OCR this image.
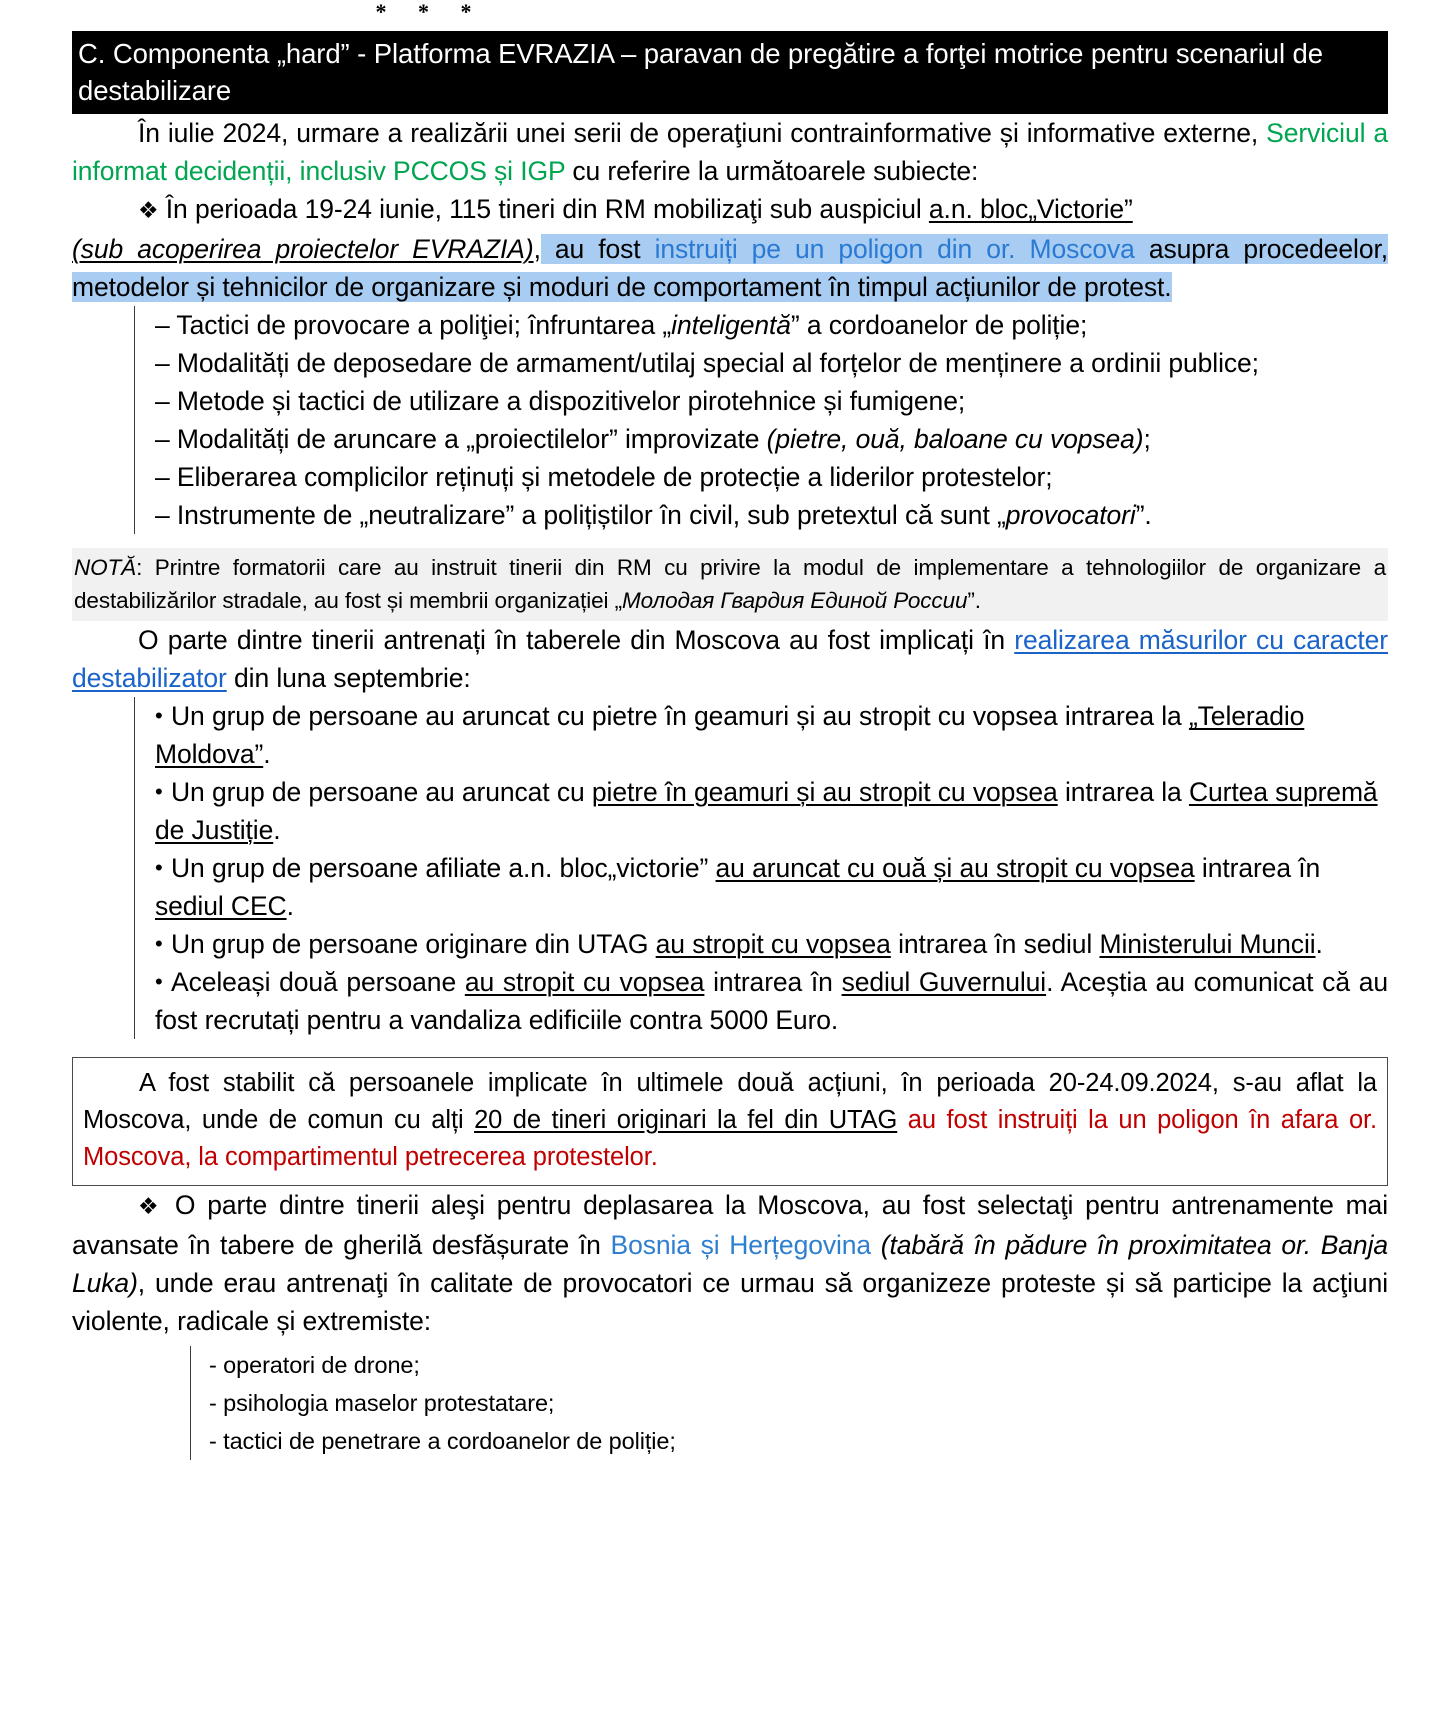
* * *
C. Componenta „hard” - Platforma EVRAZIA – paravan de pregătire a forţei motrice pentru scenariul de destabilizare

În iulie 2024, urmare a realizării unei serii de operaţiuni contrainformative și informative externe, Serviciul a informat decidenții, inclusiv PCCOS și IGP cu referire la următoarele subiecte:

❖ În perioada 19-24 iunie, 115 tineri din RM mobilizaţi sub auspiciul a.n. bloc„Victorie”
(sub acoperirea proiectelor EVRAZIA), au fost instruiți pe un poligon din or. Moscova asupra procedeelor, metodelor și tehnicilor de organizare și moduri de comportament în timpul acțiunilor de protest.

– Tactici de provocare a poliţiei; înfruntarea „inteligentă” a cordoanelor de poliție;

– Modalități de deposedare de armament/utilaj special al forțelor de menținere a ordinii publice;

– Metode și tactici de utilizare a dispozitivelor pirotehnice și fumigene;

– Modalități de aruncare a „proiectilelor” improvizate (pietre, ouă, baloane cu vopsea);

– Eliberarea complicilor reținuți și metodele de protecție a liderilor protestelor;

– Instrumente de „neutralizare” a polițiștilor în civil, sub pretextul că sunt „provocatori”.

NOTĂ: Printre formatorii care au instruit tinerii din RM cu privire la modul de implementare a tehnologiilor de organizare a destabilizărilor stradale, au fost și membrii organizației „Молодая Гвардия Единой России”.

O parte dintre tinerii antrenați în taberele din Moscova au fost implicați în realizarea măsurilor cu caracter destabilizator din luna septembrie:

• Un grup de persoane au aruncat cu pietre în geamuri și au stropit cu vopsea intrarea la „Teleradio Moldova”.

• Un grup de persoane au aruncat cu pietre în geamuri și au stropit cu vopsea intrarea la Curtea supremă de Justiție.

• Un grup de persoane afiliate a.n. bloc„victorie” au aruncat cu ouă și au stropit cu vopsea intrarea în sediul CEC.

• Un grup de persoane originare din UTAG au stropit cu vopsea intrarea în sediul Ministerului Muncii.

• Aceleași două persoane au stropit cu vopsea intrarea în sediul Guvernului. Aceștia au comunicat că au fost recrutați pentru a vandaliza edificiile contra 5000 Euro.

A fost stabilit că persoanele implicate în ultimele două acțiuni, în perioada 20-24.09.2024, s-au aflat la Moscova, unde de comun cu alți 20 de tineri originari la fel din UTAG au fost instruiți la un poligon în afara or. Moscova, la compartimentul petrecerea protestelor.

❖ O parte dintre tinerii aleşi pentru deplasarea la Moscova, au fost selectaţi pentru antrenamente mai avansate în tabere de gherilă desfășurate în Bosnia și Herțegovina (tabără în pădure în proximitatea or. Banja Luka), unde erau antrenaţi în calitate de provocatori ce urmau să organizeze proteste și să participe la acţiuni violente, radicale și extremiste:

- operatori de drone;

- psihologia maselor protestatare;

- tactici de penetrare a cordoanelor de poliție;
